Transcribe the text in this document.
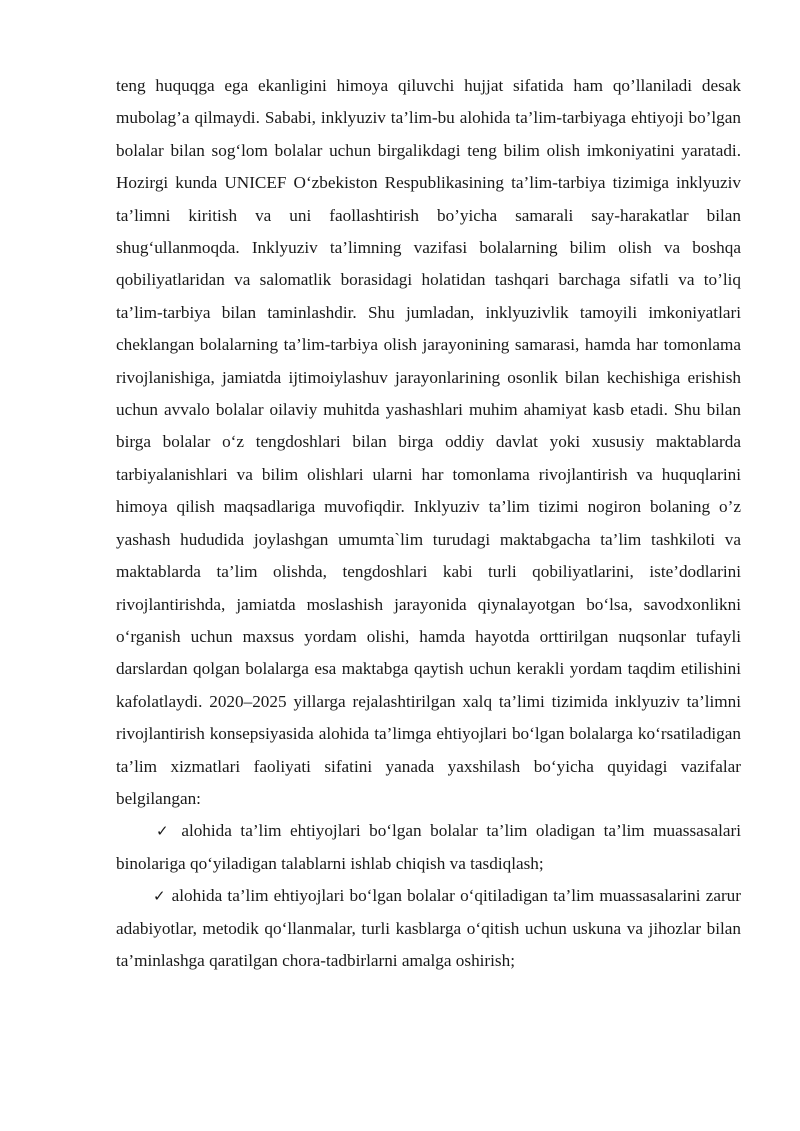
teng huquqga ega ekanligini himoya qiluvchi hujjat sifatida ham qo’llaniladi desak mubolag’a qilmaydi. Sababi, inklyuziv ta’lim-bu alohida ta’lim-tarbiyaga ehtiyoji bo’lgan bolalar bilan sog‘lom bolalar uchun birgalikdagi teng bilim olish imkoniyatini yaratadi. Hozirgi kunda UNICEF O‘zbekiston Respublikasining ta’lim-tarbiya tizimiga inklyuziv ta’limni kiritish va uni faollashtirish bo’yicha samarali say-harakatlar bilan shug‘ullanmoqda. Inklyuziv ta’limning vazifasi bolalarning bilim olish va boshqa qobiliyatlaridan va salomatlik borasidagi holatidan tashqari barchaga sifatli va to’liq ta’lim-tarbiya bilan taminlashdir. Shu jumladan, inklyuzivlik tamoyili imkoniyatlari cheklangan bolalarning ta’lim-tarbiya olish jarayonining samarasi, hamda har tomonlama rivojlanishiga, jamiatda ijtimoiylashuv jarayonlarining osonlik bilan kechishiga erishish uchun avvalo bolalar oilaviy muhitda yashashlari muhim ahamiyat kasb etadi. Shu bilan birga bolalar o‘z tengdoshlari bilan birga oddiy davlat yoki xususiy maktablarda tarbiyalanishlari va bilim olishlari ularni har tomonlama rivojlantirish va huquqlarini himoya qilish maqsadlariga muvofiqdir. Inklyuziv ta’lim tizimi nogiron bolaning o’z yashash hududida joylashgan umumta`lim turudagi maktabgacha ta’lim tashkiloti va maktablarda ta’lim olishda, tengdoshlari kabi turli qobiliyatlarini, iste’dodlarini rivojlantirishda, jamiatda moslashish jarayonida qiynalayotgan bo‘lsa, savodxonlikni o‘rganish uchun maxsus yordam olishi, hamda hayotda orttirilgan nuqsonlar tufayli darslardan qolgan bolalarga esa maktabga qaytish uchun kerakli yordam taqdim etilishini kafolatlaydi. 2020–2025 yillarga rejalashtirilgan xalq ta’limi tizimida inklyuziv ta’limni rivojlantirish konsepsiyasida alohida ta’limga ehtiyojlari bo‘lgan bolalarga ko‘rsatiladigan ta’lim xizmatlari faoliyati sifatini yanada yaxshilash bo‘yicha quyidagi vazifalar belgilangan:

✓ alohida ta’lim ehtiyojlari bo‘lgan bolalar ta’lim oladigan ta’lim muassasalari binolariga qo‘yiladigan talablarni ishlab chiqish va tasdiqlash;

✓ alohida ta’lim ehtiyojlari bo‘lgan bolalar o‘qitiladigan ta’lim muassasalarini zarur adabiyotlar, metodik qo‘llanmalar, turli kasblarga o‘qitish uchun uskuna va jihozlar bilan ta’minlashga qaratilgan chora-tadbirlarni amalga oshirish;
